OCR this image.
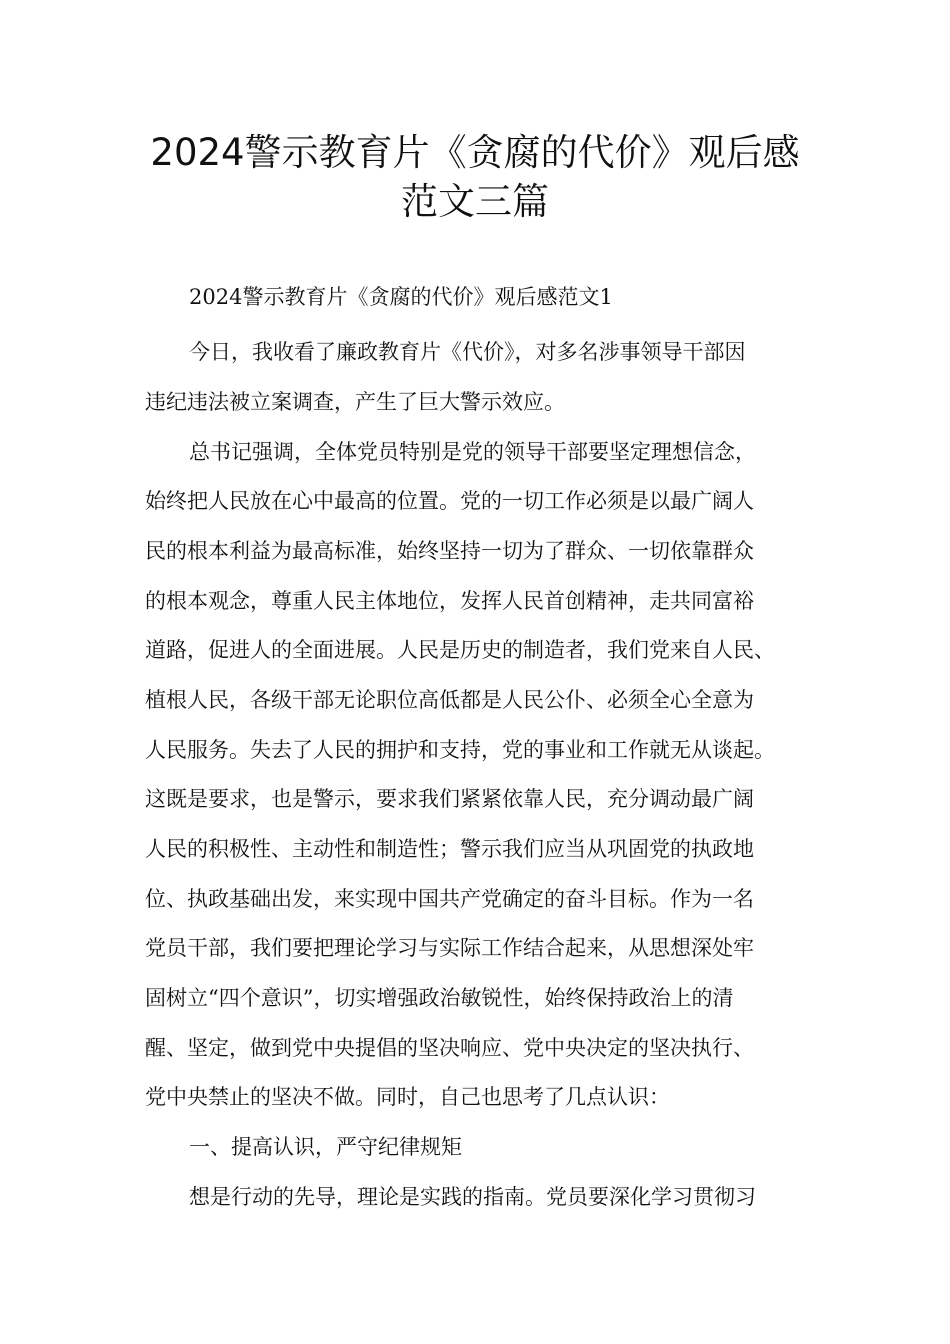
2024警示教育片《贪腐的代价》观后感
范文三篇
2024警示教育片《贪腐的代价》观后感范文1
今日，我收看了廉政教育片《代价》，对多名涉事领导干部因
违纪违法被立案调查，产生了巨大警示效应。
总书记强调，全体党员特别是党的领导干部要坚定理想信念，
始终把人民放在心中最高的位置。党的一切工作必须是以最广阔人
民的根本利益为最高标准，始终坚持一切为了群众、一切依靠群众
的根本观念，尊重人民主体地位，发挥人民首创精神，走共同富裕
道路，促进人的全面进展。人民是历史的制造者，我们党来自人民、
植根人民，各级干部无论职位高低都是人民公仆、必须全心全意为
人民服务。失去了人民的拥护和支持，党的事业和工作就无从谈起。
这既是要求，也是警示，要求我们紧紧依靠人民，充分调动最广阔
人民的积极性、主动性和制造性；警示我们应当从巩固党的执政地
位、执政基础出发，来实现中国共产党确定的奋斗目标。作为一名
党员干部，我们要把理论学习与实际工作结合起来，从思想深处牢
固树立“四个意识”，切实增强政治敏锐性，始终保持政治上的清
醒、坚定，做到党中央提倡的坚决响应、党中央决定的坚决执行、
党中央禁止的坚决不做。同时，自己也思考了几点认识：
一、提高认识，严守纪律规矩
想是行动的先导，理论是实践的指南。党员要深化学习贯彻习
